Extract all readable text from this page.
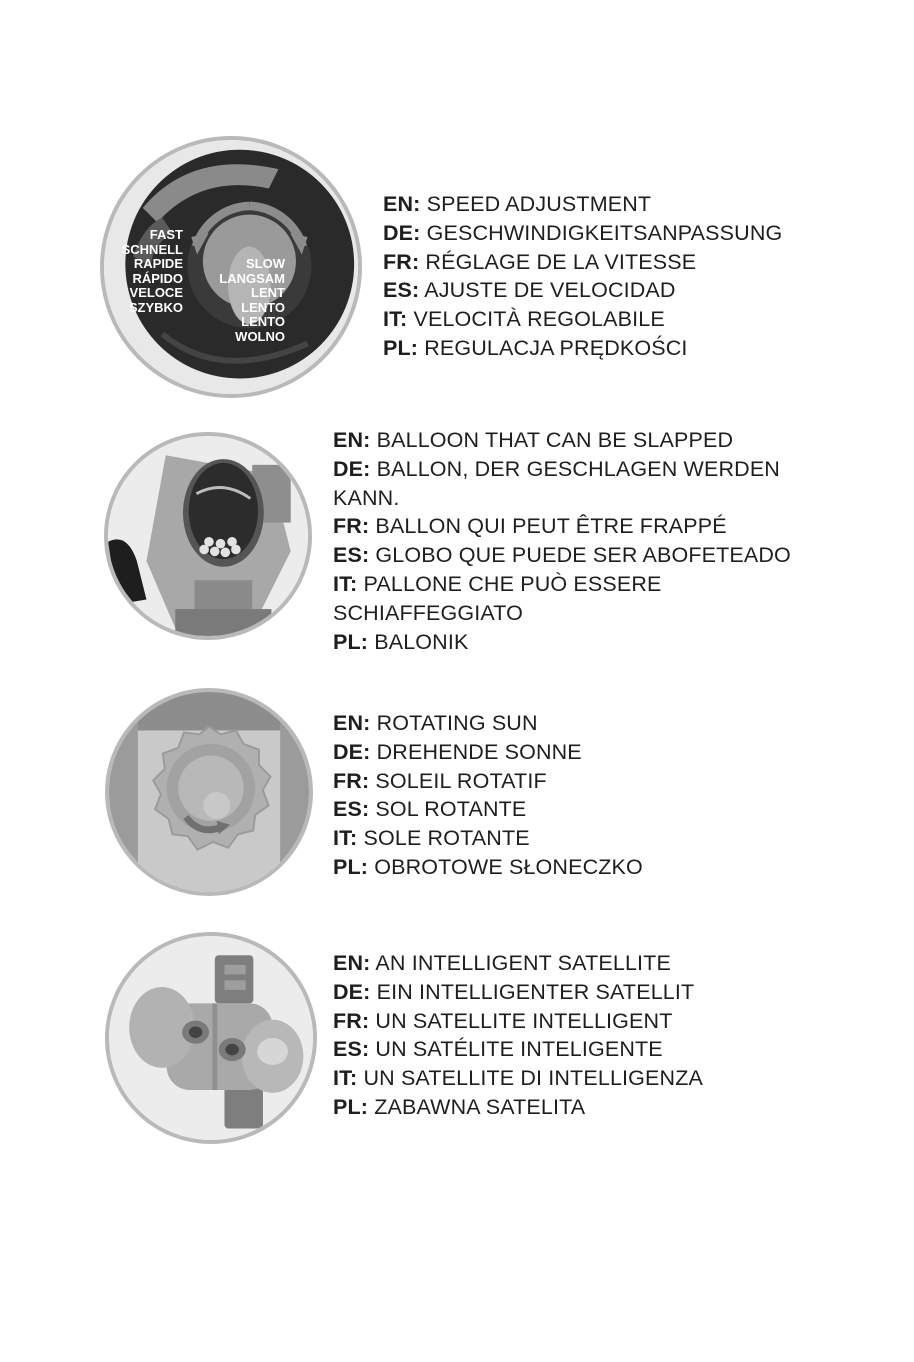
FAST
SCHNELL
RAPIDE
RÁPIDO
VELOCE
SZYBKO
SLOW
LANGSAM
LENT
LENTO
LENTO
WOLNO
EN: SPEED ADJUSTMENT
DE: GESCHWINDIGKEITSANPASSUNG
FR: RÉGLAGE DE LA VITESSE
ES: AJUSTE DE VELOCIDAD
IT: VELOCITÀ REGOLABILE
PL: REGULACJA PRĘDKOŚCI
EN: BALLOON THAT CAN BE SLAPPED
DE: BALLON, DER GESCHLAGEN WERDEN
KANN.
FR: BALLON QUI PEUT ÊTRE FRAPPÉ
ES: GLOBO QUE PUEDE SER ABOFETEADO
IT: PALLONE CHE PUÒ ESSERE
SCHIAFFEGGIATO
PL: BALONIK
EN: ROTATING SUN
DE: DREHENDE SONNE
FR: SOLEIL ROTATIF
ES: SOL ROTANTE
IT: SOLE ROTANTE
PL: OBROTOWE SŁONECZKO
EN: AN INTELLIGENT SATELLITE
DE: EIN INTELLIGENTER SATELLIT
FR: UN SATELLITE INTELLIGENT
ES: UN SATÉLITE INTELIGENTE
IT: UN SATELLITE DI INTELLIGENZA
PL: ZABAWNA SATELITA
